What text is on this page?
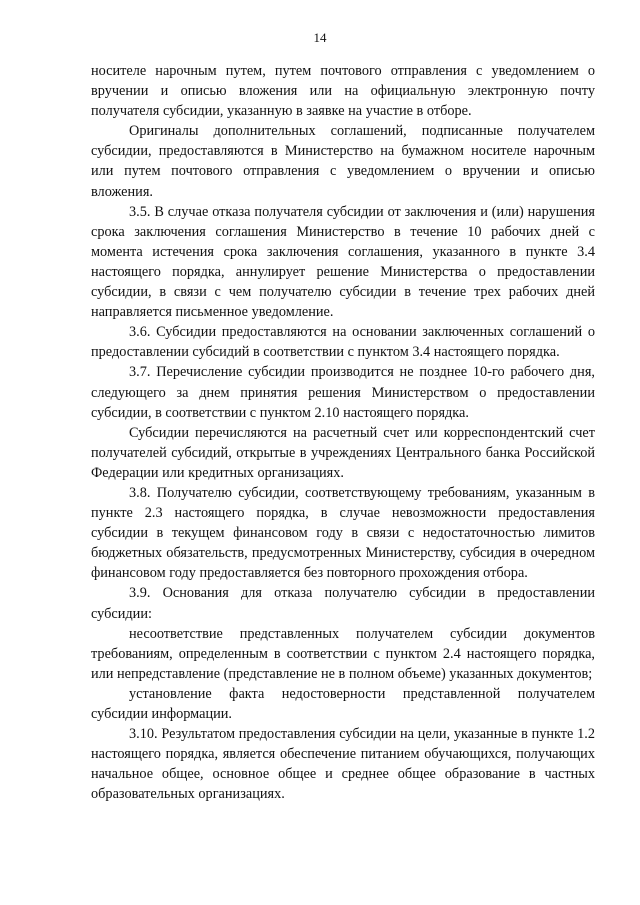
14

носителе нарочным путем, путем почтового отправления с уведомлением о вручении и описью вложения или на официальную электронную почту получателя субсидии, указанную в заявке на участие в отборе.

Оригиналы дополнительных соглашений, подписанные получателем субсидии, предоставляются в Министерство на бумажном носителе нарочным или путем почтового отправления с уведомлением о вручении и описью вложения.

3.5. В случае отказа получателя субсидии от заключения и (или) нарушения срока заключения соглашения Министерство в течение 10 рабочих дней с момента истечения срока заключения соглашения, указанного в пункте 3.4 настоящего порядка, аннулирует решение Министерства о предоставлении субсидии, в связи с чем получателю субсидии в течение трех рабочих дней направляется письменное уведомление.

3.6. Субсидии предоставляются на основании заключенных соглашений о предоставлении субсидий в соответствии с пунктом 3.4 настоящего порядка.

3.7. Перечисление субсидии производится не позднее 10-го рабочего дня, следующего за днем принятия решения Министерством о предоставлении субсидии, в соответствии с пунктом 2.10 настоящего порядка.

Субсидии перечисляются на расчетный счет или корреспондентский счет получателей субсидий, открытые в учреждениях Центрального банка Российской Федерации или кредитных организациях.

3.8. Получателю субсидии, соответствующему требованиям, указанным в пункте 2.3 настоящего порядка, в случае невозможности предоставления субсидии в текущем финансовом году в связи с недостаточностью лимитов бюджетных обязательств, предусмотренных Министерству, субсидия в очередном финансовом году предоставляется без повторного прохождения отбора.

3.9. Основания для отказа получателю субсидии в предоставлении субсидии:

несоответствие представленных получателем субсидии документов требованиям, определенным в соответствии с пунктом 2.4 настоящего порядка, или непредставление (представление не в полном объеме) указанных документов;

установление факта недостоверности представленной получателем субсидии информации.

3.10. Результатом предоставления субсидии на цели, указанные в пункте 1.2 настоящего порядка, является обеспечение питанием обучающихся, получающих начальное общее, основное общее и среднее общее образование в частных образовательных организациях.
